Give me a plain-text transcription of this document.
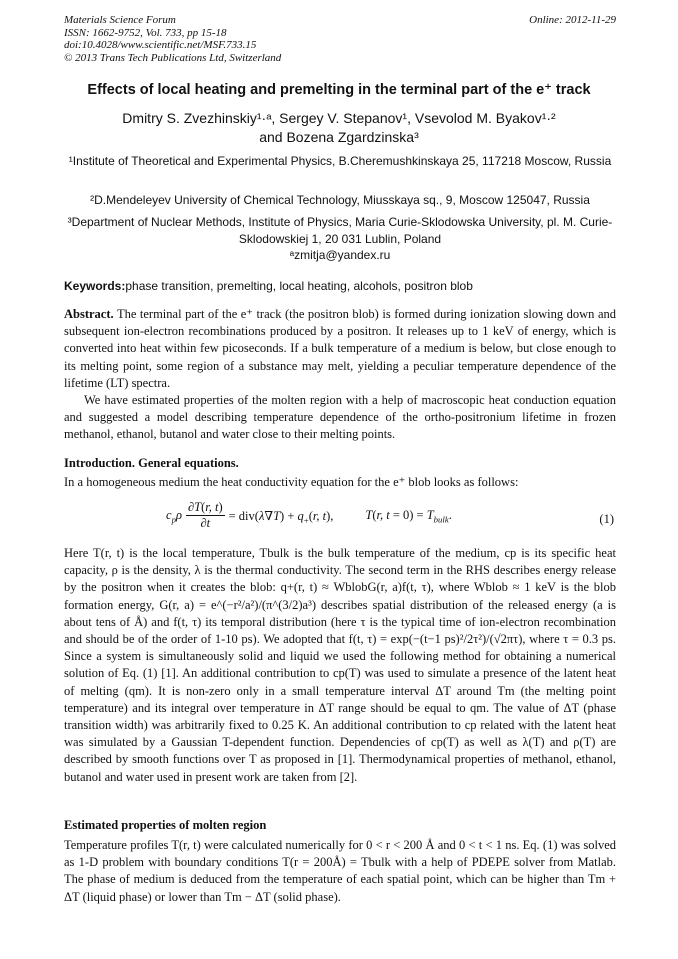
Materials Science Forum
ISSN: 1662-9752, Vol. 733, pp 15-18
doi:10.4028/www.scientific.net/MSF.733.15
© 2013 Trans Tech Publications Ltd, Switzerland
Online: 2012-11-29
Effects of local heating and premelting in the terminal part of the e⁺ track
Dmitry S. Zvezhinskiy¹·ᵃ, Sergey V. Stepanov¹, Vsevolod M. Byakov¹·²
and Bozena Zgardzinska³
¹Institute of Theoretical and Experimental Physics, B.Cheremushkinskaya 25, 117218 Moscow, Russia
²D.Mendeleyev University of Chemical Technology, Miusskaya sq., 9, Moscow 125047, Russia
³Department of Nuclear Methods, Institute of Physics, Maria Curie-Sklodowska University, pl. M. Curie-Sklodowskiej 1, 20 031 Lublin, Poland
ᵃzmitja@yandex.ru
Keywords:phase transition, premelting, local heating, alcohols, positron blob

Abstract. The terminal part of the e⁺ track (the positron blob) is formed during ionization slowing down and subsequent ion-electron recombinations produced by a positron. It releases up to 1 keV of energy, which is converted into heat within few picoseconds. If a bulk temperature of a medium is below, but close enough to its melting point, some region of a substance may melt, yielding a peculiar temperature dependence of the lifetime (LT) spectra.

We have estimated properties of the molten region with a help of macroscopic heat conduction equation and suggested a model describing temperature dependence of the ortho-positronium lifetime in frozen methanol, ethanol, butanol and water close to their melting points.

Introduction. General equations.
In a homogeneous medium the heat conductivity equation for the e⁺ blob looks as follows:
$c_p\rho \frac{\partial T(r, t)}{\partial t} = div(\lambda\nabla T) + q_+(r$, t),	T(r, $t = 0) = T_{bulk}$.	(1)
Here T(r, t) is the local temperature, Tbulk is the bulk temperature of the medium, cp is its specific heat capacity, ρ is the density, λ is the thermal conductivity. The second term in the RHS describes energy release by the positron when it creates the blob: q+(r, t) ≈ WblobG(r, a)f(t, τ), where Wblob ≈ 1 keV is the blob formation energy, G(r, a) = e^(−r²/a²)/(π^(3/2)a³) describes spatial distribution of the released energy (a is about tens of Å) and f(t, τ) its temporal distribution (here τ is the typical time of ion-electron recombination and should be of the order of 1-10 ps). We adopted that f(t, τ) = exp(−(t−1 ps)²/2τ²)/(√2πτ), where τ = 0.3 ps. Since a system is simultaneously solid and liquid we used the following method for obtaining a numerical solution of Eq. (1) [1]. An additional contribution to cp(T) was used to simulate a presence of the latent heat of melting (qm). It is non-zero only in a small temperature interval ΔT around Tm (the melting point temperature) and its integral over temperature in ΔT range should be equal to qm. The value of ΔT (phase transition width) was arbitrarily fixed to 0.25 K. An additional contribution to cp related with the latent heat was simulated by a Gaussian T-dependent function. Dependencies of cp(T) as well as λ(T) and ρ(T) are described by smooth functions over T as proposed in [1]. Thermodynamical properties of methanol, ethanol, butanol and water used in present work are taken from [2].
Estimated properties of molten region
Temperature profiles T(r, t) were calculated numerically for 0 < r < 200 Å and 0 < t < 1 ns. Eq. (1) was solved as 1-D problem with boundary conditions T(r = 200Å) = Tbulk with a help of PDEPE solver from Matlab. The phase of medium is deduced from the temperature of each spatial point, which can be higher than Tm + ΔT (liquid phase) or lower than Tm − ΔT (solid phase).
